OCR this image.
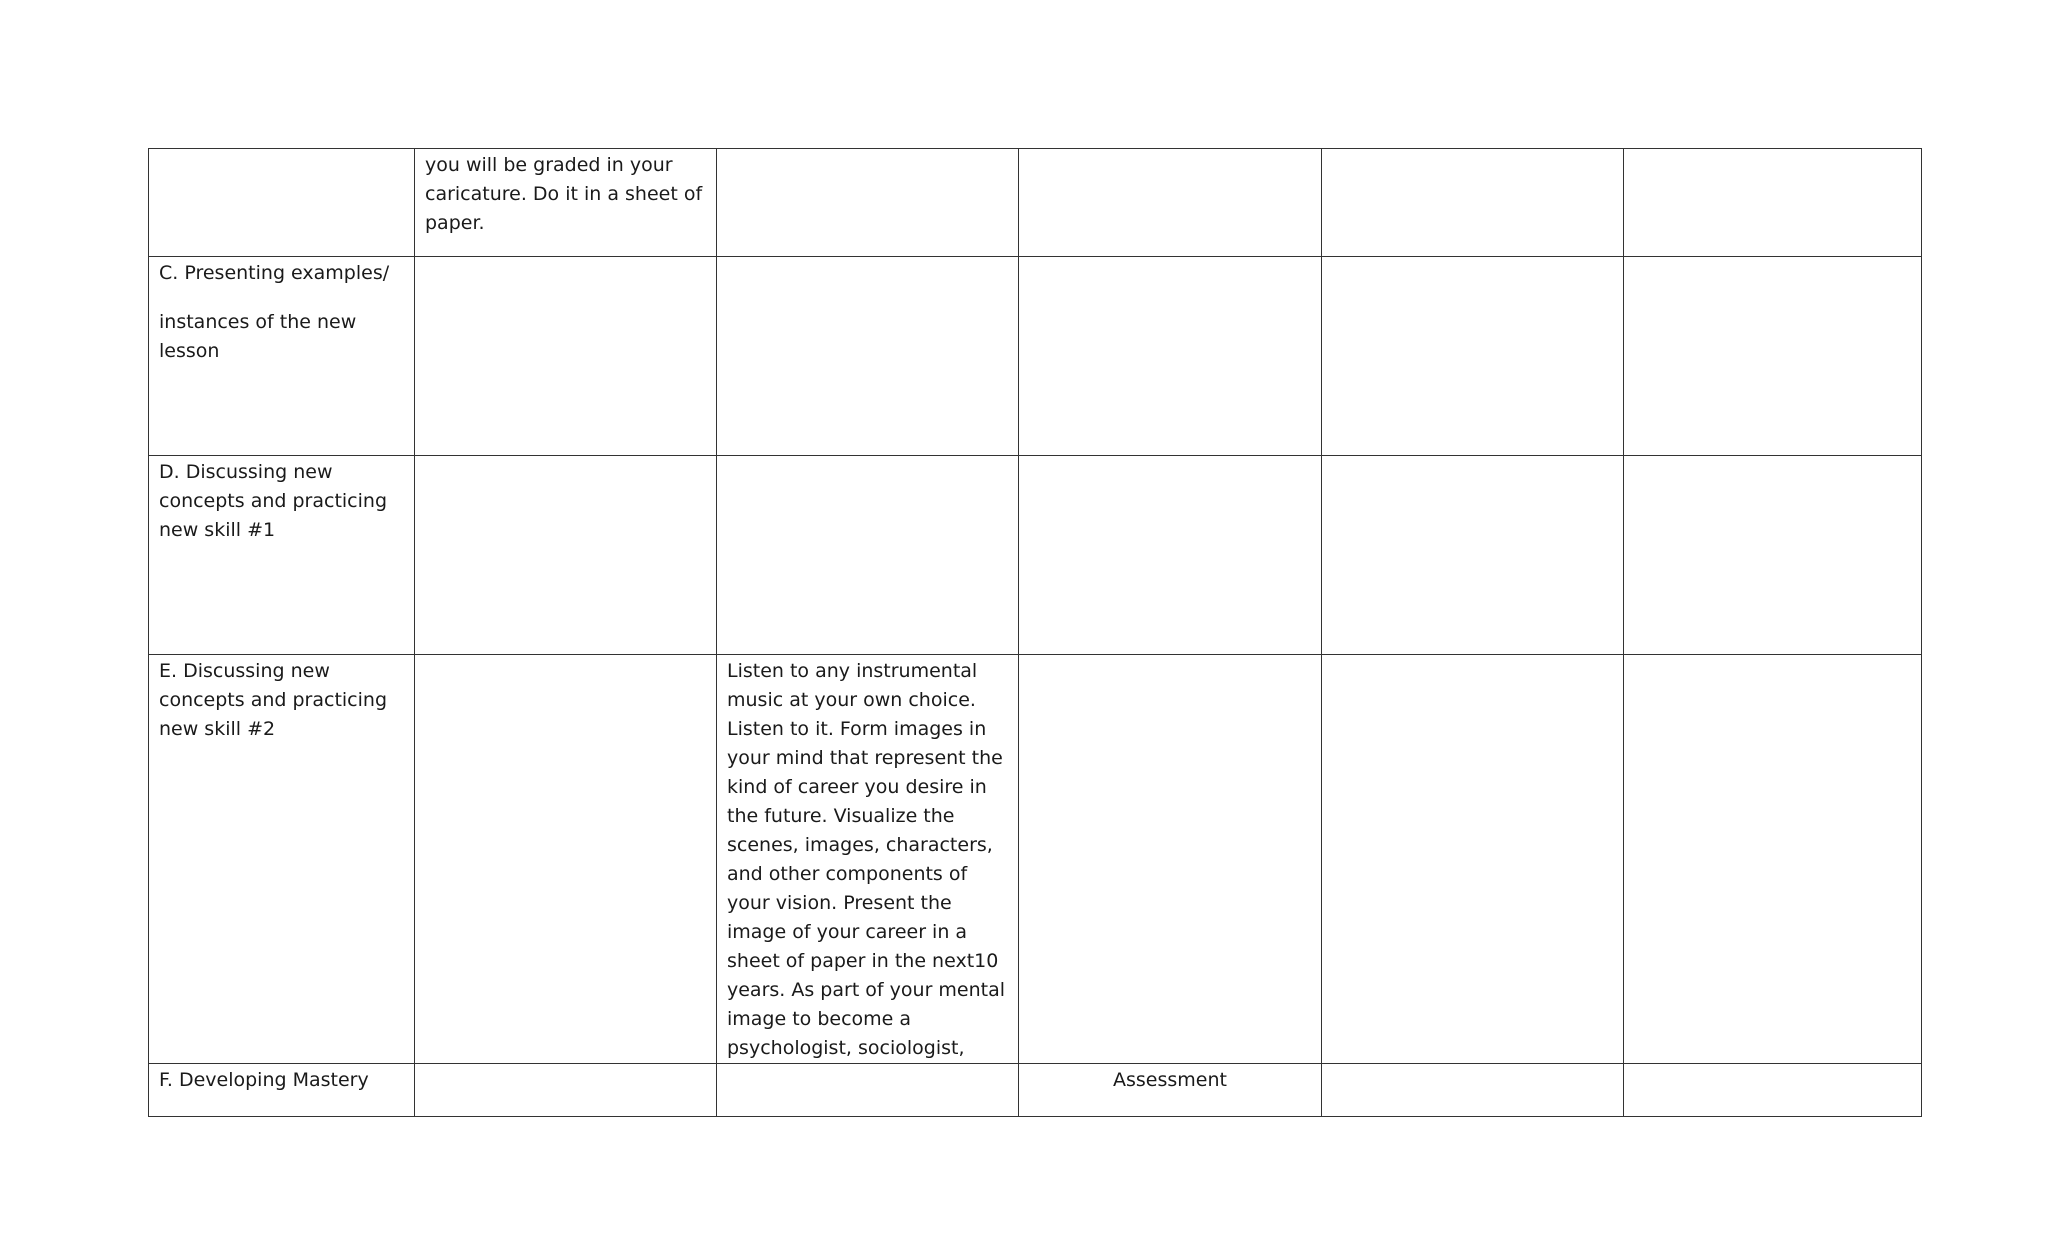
	you will be graded in your caricature. Do it in a sheet of paper.				

C. Presenting examples/
instances of the new lesson					

D. Discussing new concepts and practicing new skill #1					
E. Discussing new concepts and practicing new skill #2		Listen to any instrumental music at your own choice. Listen to it. Form images in your mind that represent the kind of career you desire in the future. Visualize the scenes, images, characters, and other components of your vision. Present the image of your career in a sheet of paper in the next10 years. As part of your mental image to become a psychologist, sociologist,			
F. Developing Mastery			Assessment		
